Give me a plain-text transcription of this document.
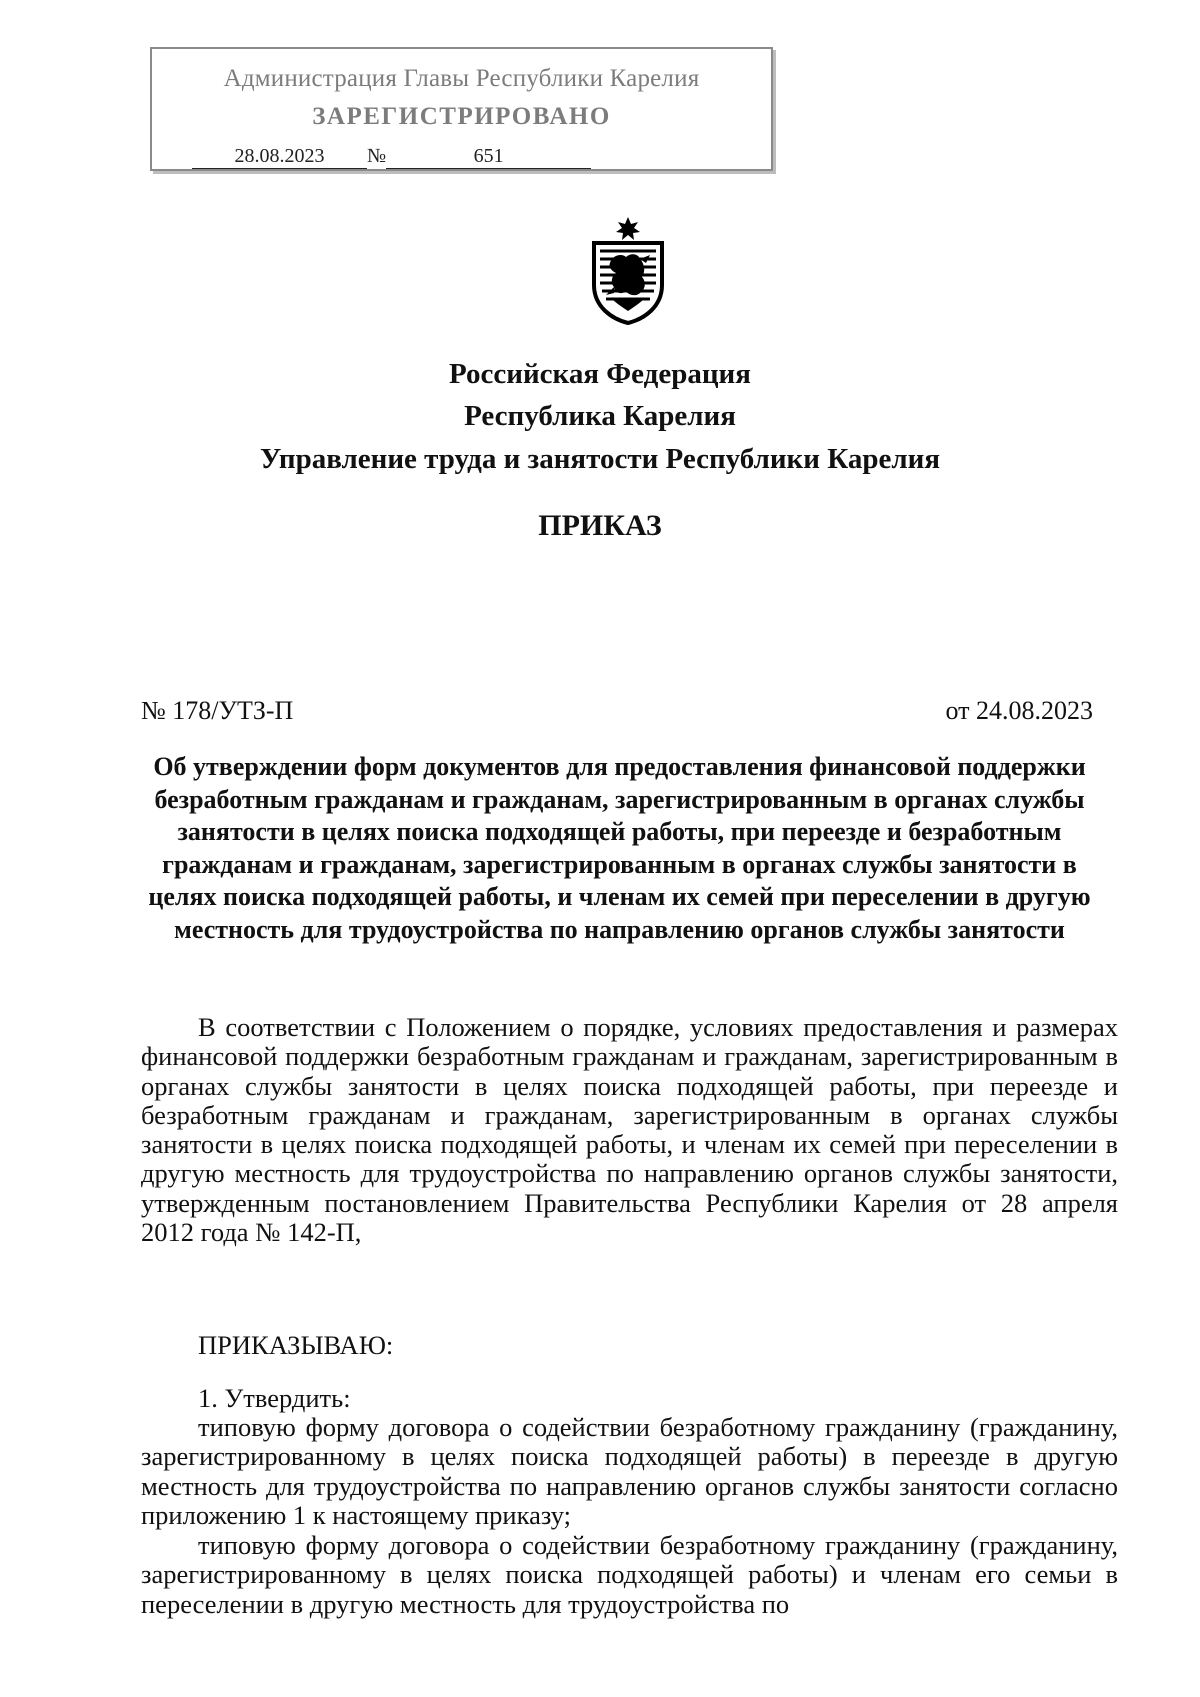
Администрация Главы Республики Карелия
ЗАРЕГИСТРИРОВАНО
28.08.2023 №	651
Российская Федерация
Республика Карелия
Управление труда и занятости Республики Карелия
ПРИКАЗ
№ 178/УТЗ-П	от 24.08.2023
Об утверждении форм документов для предоставления финансовой поддержки безработным гражданам и гражданам, зарегистрированным в органах службы занятости в целях поиска подходящей работы, при переезде и безработным гражданам и гражданам, зарегистрированным в органах службы занятости в целях поиска подходящей работы, и членам их семей при переселении в другую местность для трудоустройства по направлению органов службы занятости
В соответствии с Положением о порядке, условиях предоставления и размерах финансовой поддержки безработным гражданам и гражданам, зарегистрированным в органах службы занятости в целях поиска подходящей работы, при переезде и безработным гражданам и гражданам, зарегистрированным в органах службы занятости в целях поиска подходящей работы, и членам их семей при переселении в другую местность для трудоустройства по направлению органов службы занятости, утвержденным постановлением Правительства Республики Карелия от 28 апреля 2012 года № 142-П,
ПРИКАЗЫВАЮ:
1. Утвердить:
типовую форму договора о содействии безработному гражданину (гражданину, зарегистрированному в целях поиска подходящей работы) в переезде в другую местность для трудоустройства по направлению органов службы занятости согласно приложению 1 к настоящему приказу;
типовую форму договора о содействии безработному гражданину (гражданину, зарегистрированному в целях поиска подходящей работы) и членам его семьи в переселении в другую местность для трудоустройства по
